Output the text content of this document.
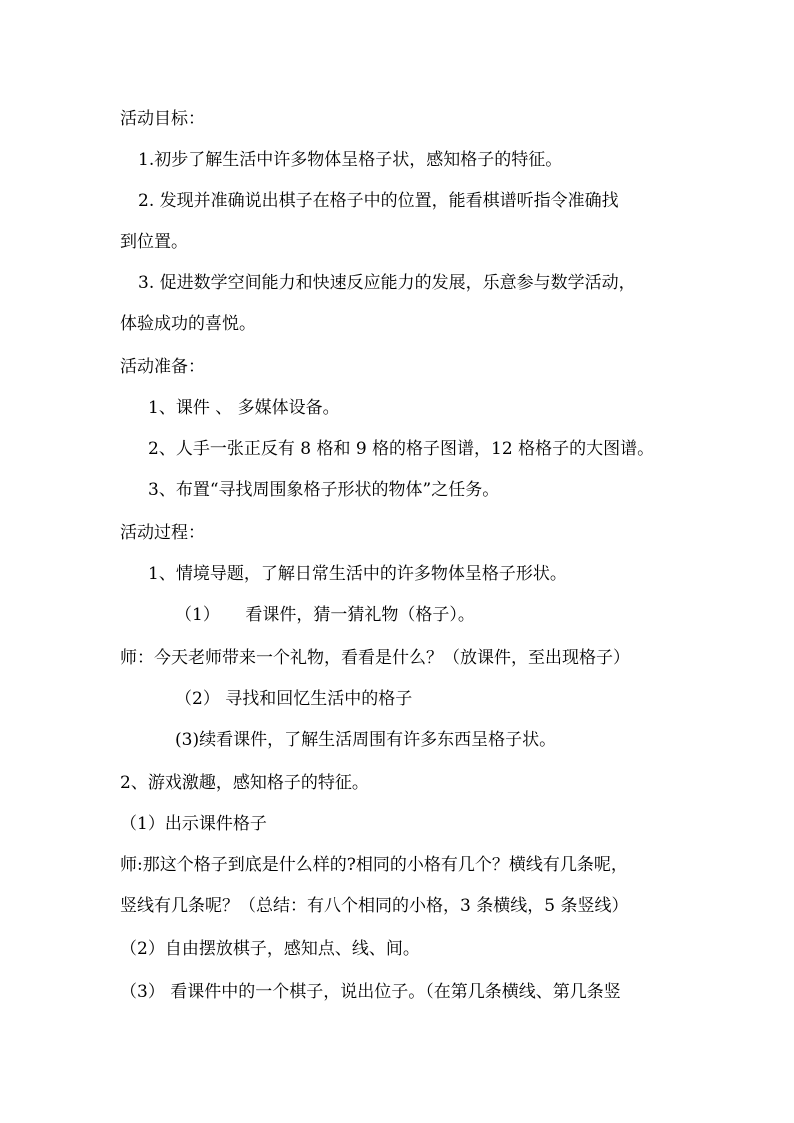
活动目标：
1.初步了解生活中许多物体呈格子状，感知格子的特征。
2. 发现并准确说出棋子在格子中的位置，能看棋谱听指令准确找
到位置。
3. 促进数学空间能力和快速反应能力的发展，乐意参与数学活动，
体验成功的喜悦。
活动准备：
1、课件 、 多媒体设备。
2、人手一张正反有 8 格和 9 格的格子图谱，12 格格子的大图谱。
3、布置“寻找周围象格子形状的物体”之任务。
活动过程：
1、情境导题，了解日常生活中的许多物体呈格子形状。
（1）　　看课件，猜一猜礼物（格子）。
师：今天老师带来一个礼物，看看是什么？（放课件，至出现格子）
（2） 寻找和回忆生活中的格子
(3)续看课件，了解生活周围有许多东西呈格子状。
2、游戏激趣，感知格子的特征。
（1）出示课件格子
师:那这个格子到底是什么样的?相同的小格有几个？横线有几条呢，
竖线有几条呢？（总结：有八个相同的小格，3 条横线，5 条竖线）
（2）自由摆放棋子，感知点、线、间。
（3） 看课件中的一个棋子，说出位子。（在第几条横线、第几条竖
